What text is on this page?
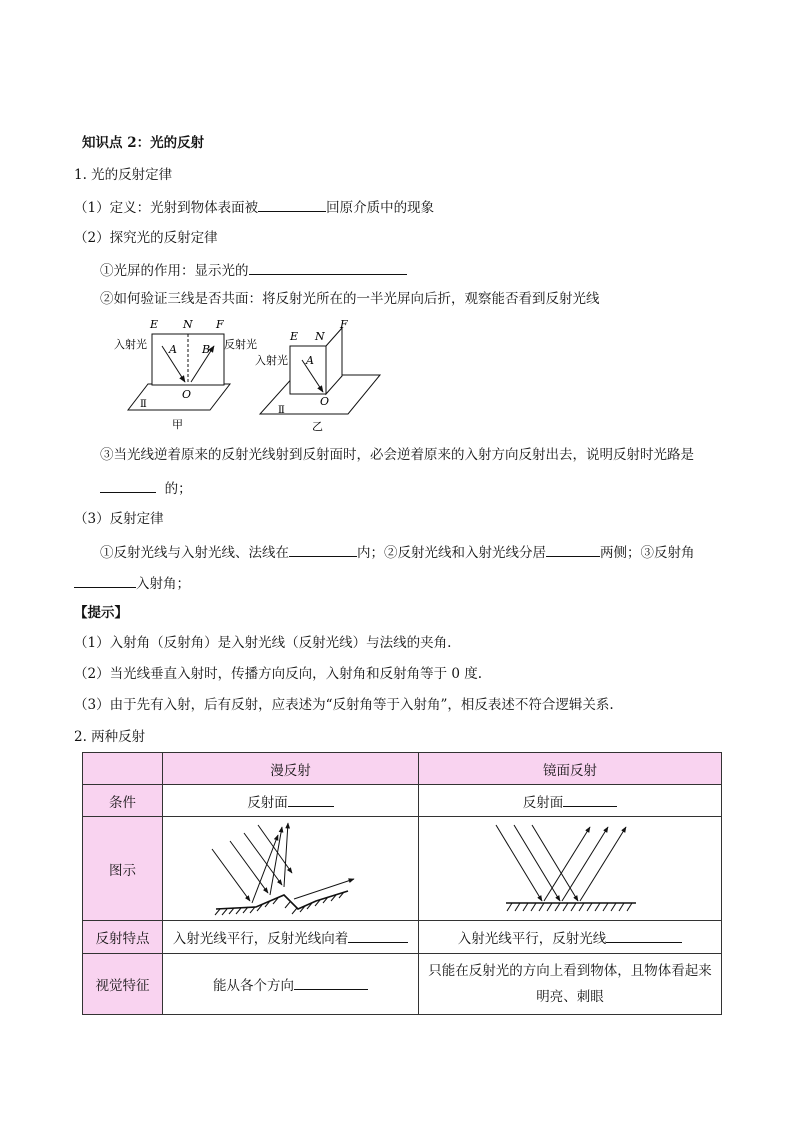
知识点 2：光的反射
1. 光的反射定律
（1）定义：光射到物体表面被	回原介质中的现象
（2）探究光的反射定律
①光屏的作用：显示光的
②如何验证三线是否共面：将反射光所在的一半光屏向后折，观察能否看到反射光线
E N F
A B
O
Ⅱ
入射光	反射光
甲
E N
F
A
O
Ⅱ
入射光
乙
③当光线逆着原来的反射光线射到反射面时，必会逆着原来的入射方向反射出去，说明反射时光路是
的；
（3）反射定律
①反射光线与入射光线、法线在	内；②反射光线和入射光线分居	两侧；③反射角
入射角；
【提示】
（1）入射角（反射角）是入射光线（反射光线）与法线的夹角.
（2）当光线垂直入射时，传播方向反向，入射角和反射角等于 0 度.
（3）由于先有入射，后有反射，应表述为“反射角等于入射角”，相反表述不符合逻辑关系.
2. 两种反射
	漫反射	镜面反射
条件	反射面	反射面
图示	

反射特点	入射光线平行，反射光线向着	入射光线平行，反射光线
视觉特征	能从各个方向	只能在反射光的方向上看到物体，且物体看起来
明亮、刺眼
